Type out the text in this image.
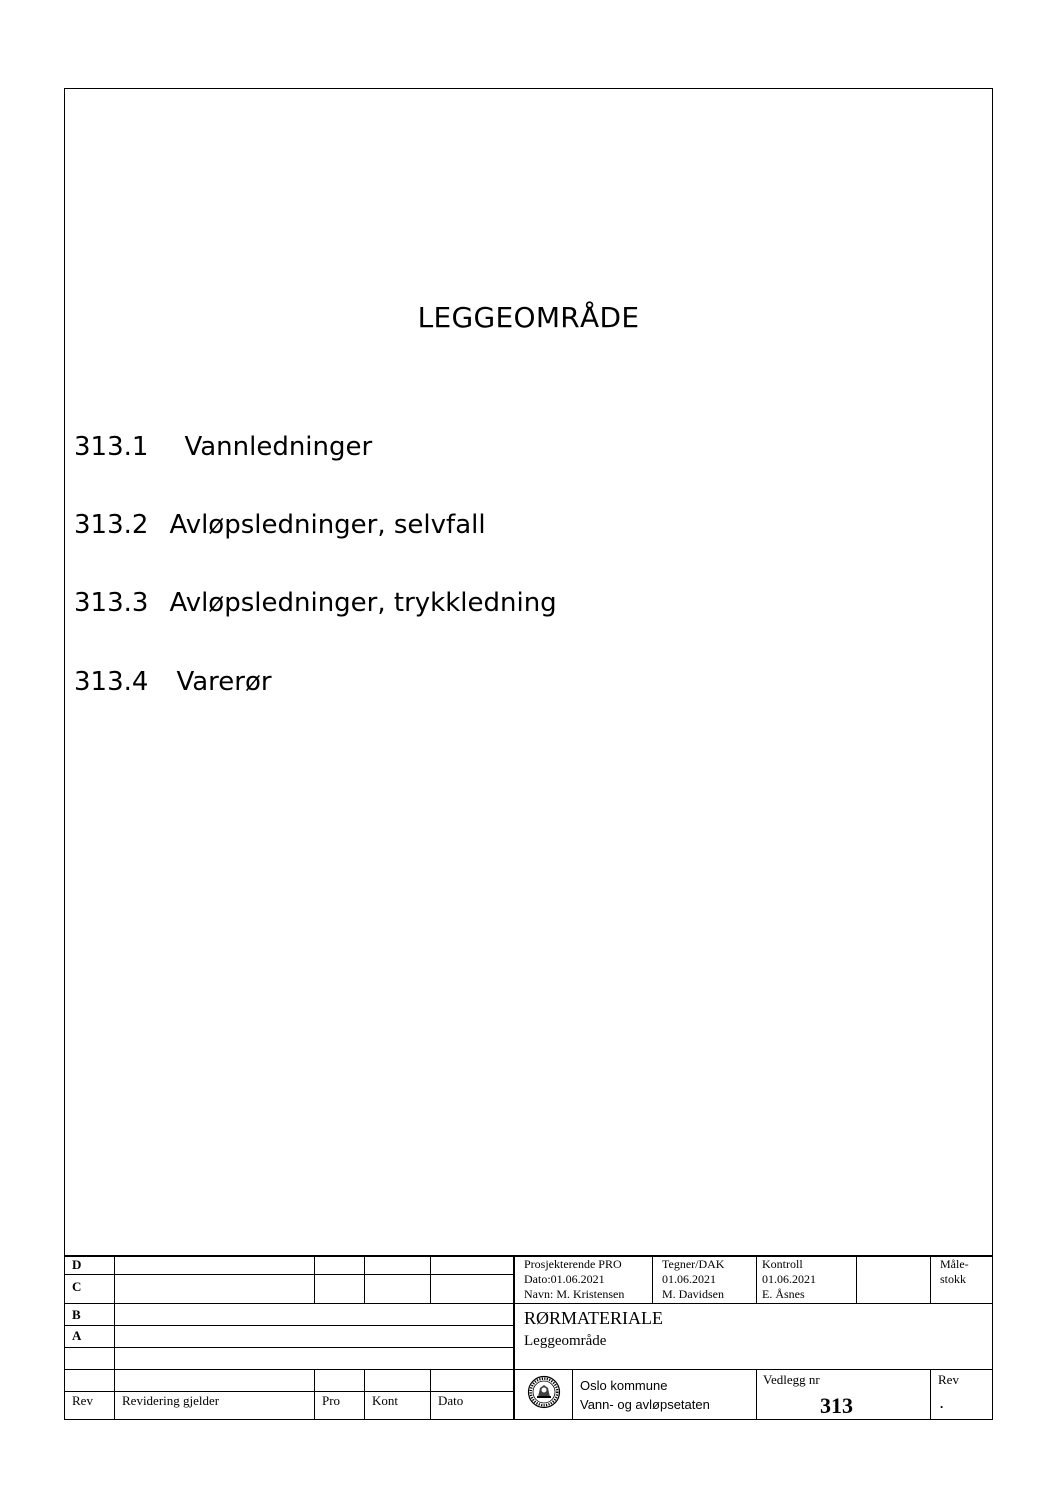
LEGGEOMRÅDE
313.1 Vannledninger
313.2 Avløpsledninger, selvfall
313.3 Avløpsledninger, trykkledning
313.4 Varerør
D
C
B
A
Rev Revidering gjelder	Pro Kont	Dato
Prosjekterende PRO
Dato:01.06.2021
Navn: M. Kristensen
Tegner/DAK
01.06.2021
M. Davidsen
Kontroll
01.06.2021
E. Åsnes
Måle-
stokk
RØRMATERIALE
Leggeområde
Oslo kommune
Vann- og avløpsetaten
Vedlegg nr
313
Rev
.
